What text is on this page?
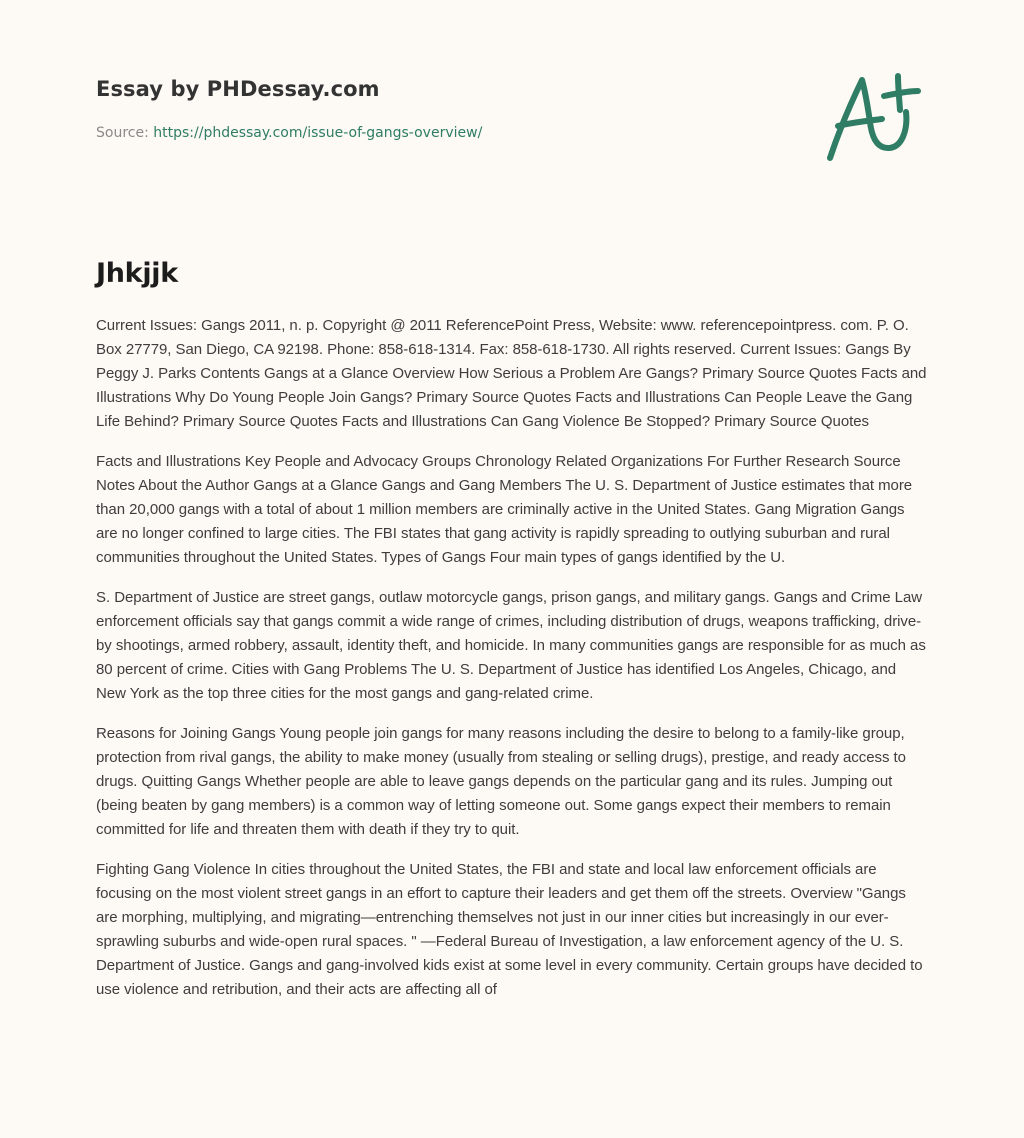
Essay by PHDessay.com
Source: https://phdessay.com/issue-of-gangs-overview/
Jhkjjk

Current Issues: Gangs 2011, n. p. Copyright @ 2011 ReferencePoint Press, Website: www. referencepointpress. com. P. O. Box 27779, San Diego, CA 92198. Phone: 858-618-1314. Fax: 858-618-1730. All rights reserved. Current Issues: Gangs By Peggy J. Parks Contents Gangs at a Glance Overview How Serious a Problem Are Gangs? Primary Source Quotes Facts and Illustrations Why Do Young People Join Gangs? Primary Source Quotes Facts and Illustrations Can People Leave the Gang Life Behind? Primary Source Quotes Facts and Illustrations Can Gang Violence Be Stopped? Primary Source Quotes

Facts and Illustrations Key People and Advocacy Groups Chronology Related Organizations For Further Research Source Notes About the Author Gangs at a Glance Gangs and Gang Members The U. S. Department of Justice estimates that more than 20,000 gangs with a total of about 1 million members are criminally active in the United States. Gang Migration Gangs are no longer confined to large cities. The FBI states that gang activity is rapidly spreading to outlying suburban and rural communities throughout the United States. Types of Gangs Four main types of gangs identified by the U.

S. Department of Justice are street gangs, outlaw motorcycle gangs, prison gangs, and military gangs. Gangs and Crime Law enforcement officials say that gangs commit a wide range of crimes, including distribution of drugs, weapons trafficking, drive-by shootings, armed robbery, assault, identity theft, and homicide. In many communities gangs are responsible for as much as 80 percent of crime. Cities with Gang Problems The U. S. Department of Justice has identified Los Angeles, Chicago, and New York as the top three cities for the most gangs and gang-related crime.

Reasons for Joining Gangs Young people join gangs for many reasons including the desire to belong to a family-like group, protection from rival gangs, the ability to make money (usually from stealing or selling drugs), prestige, and ready access to drugs. Quitting Gangs Whether people are able to leave gangs depends on the particular gang and its rules. Jumping out (being beaten by gang members) is a common way of letting someone out. Some gangs expect their members to remain committed for life and threaten them with death if they try to quit.

Fighting Gang Violence In cities throughout the United States, the FBI and state and local law enforcement officials are focusing on the most violent street gangs in an effort to capture their leaders and get them off the streets. Overview "Gangs are morphing, multiplying, and migrating—entrenching themselves not just in our inner cities but increasingly in our ever-sprawling suburbs and wide-open rural spaces. " —Federal Bureau of Investigation, a law enforcement agency of the U. S. Department of Justice. Gangs and gang-involved kids exist at some level in every community. Certain groups have decided to use violence and retribution, and their acts are affecting all of
